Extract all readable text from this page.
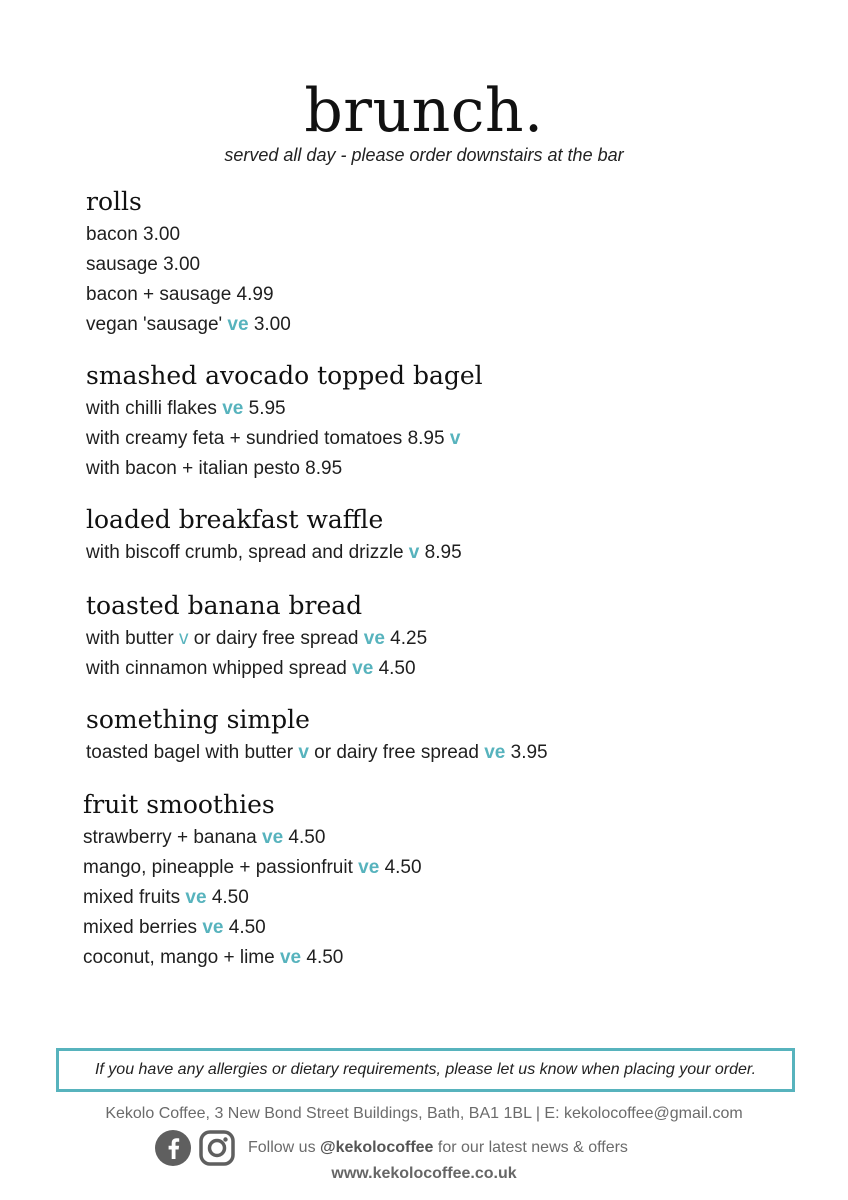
brunch.
served all day - please order downstairs at the bar
rolls
bacon 3.00
sausage 3.00
bacon + sausage 4.99
vegan 'sausage' ve 3.00
smashed avocado topped bagel
with chilli flakes ve 5.95
with creamy feta + sundried tomatoes 8.95 v
with bacon + italian pesto 8.95
loaded breakfast waffle
with biscoff crumb, spread and drizzle v 8.95
toasted banana bread
with butter v or dairy free spread ve 4.25
with cinnamon whipped spread ve 4.50
something simple
toasted bagel with butter v or dairy free spread ve 3.95
fruit smoothies
strawberry + banana ve 4.50
mango, pineapple + passionfruit ve 4.50
mixed fruits ve 4.50
mixed berries ve 4.50
coconut, mango + lime ve 4.50
If you have any allergies or dietary requirements, please let us know when placing your order.
Kekolo Coffee, 3 New Bond Street Buildings, Bath, BA1 1BL | E: kekolocoffee@gmail.com
Follow us @kekolocoffee for our latest news & offers
www.kekolocoffee.co.uk
